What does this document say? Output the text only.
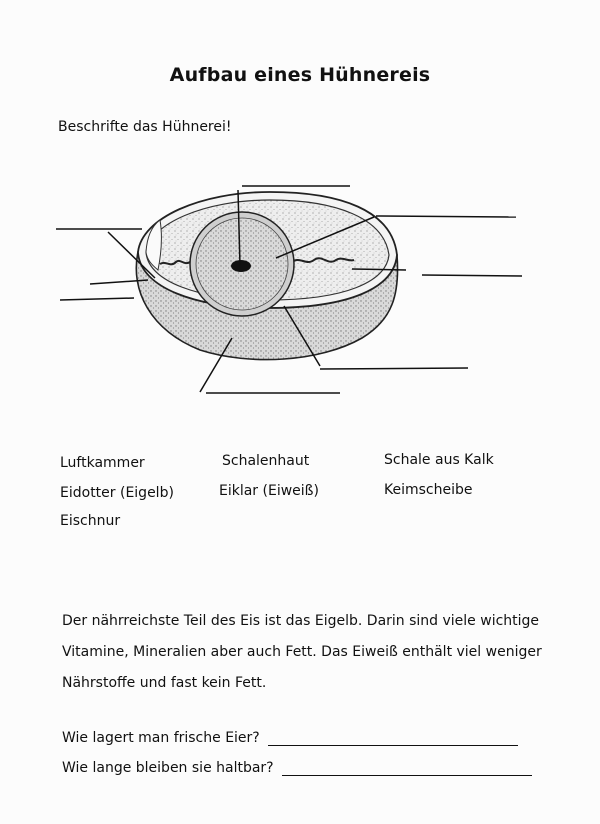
Aufbau eines Hühnereis
Beschrifte das Hühnerei!
Luftkammer	Schalenhaut	Schale aus Kalk
Eidotter (Eigelb)	Eiklar (Eiweiß)	Keimscheibe
Eischnur

Der nährreichste Teil des Eis ist das Eigelb. Darin sind viele wichtige Vitamine, Mineralien aber auch Fett. Das Eiweiß enthält viel weniger Nährstoffe und fast kein Fett.

Wie lagert man frische Eier?
Wie lange bleiben sie haltbar?
